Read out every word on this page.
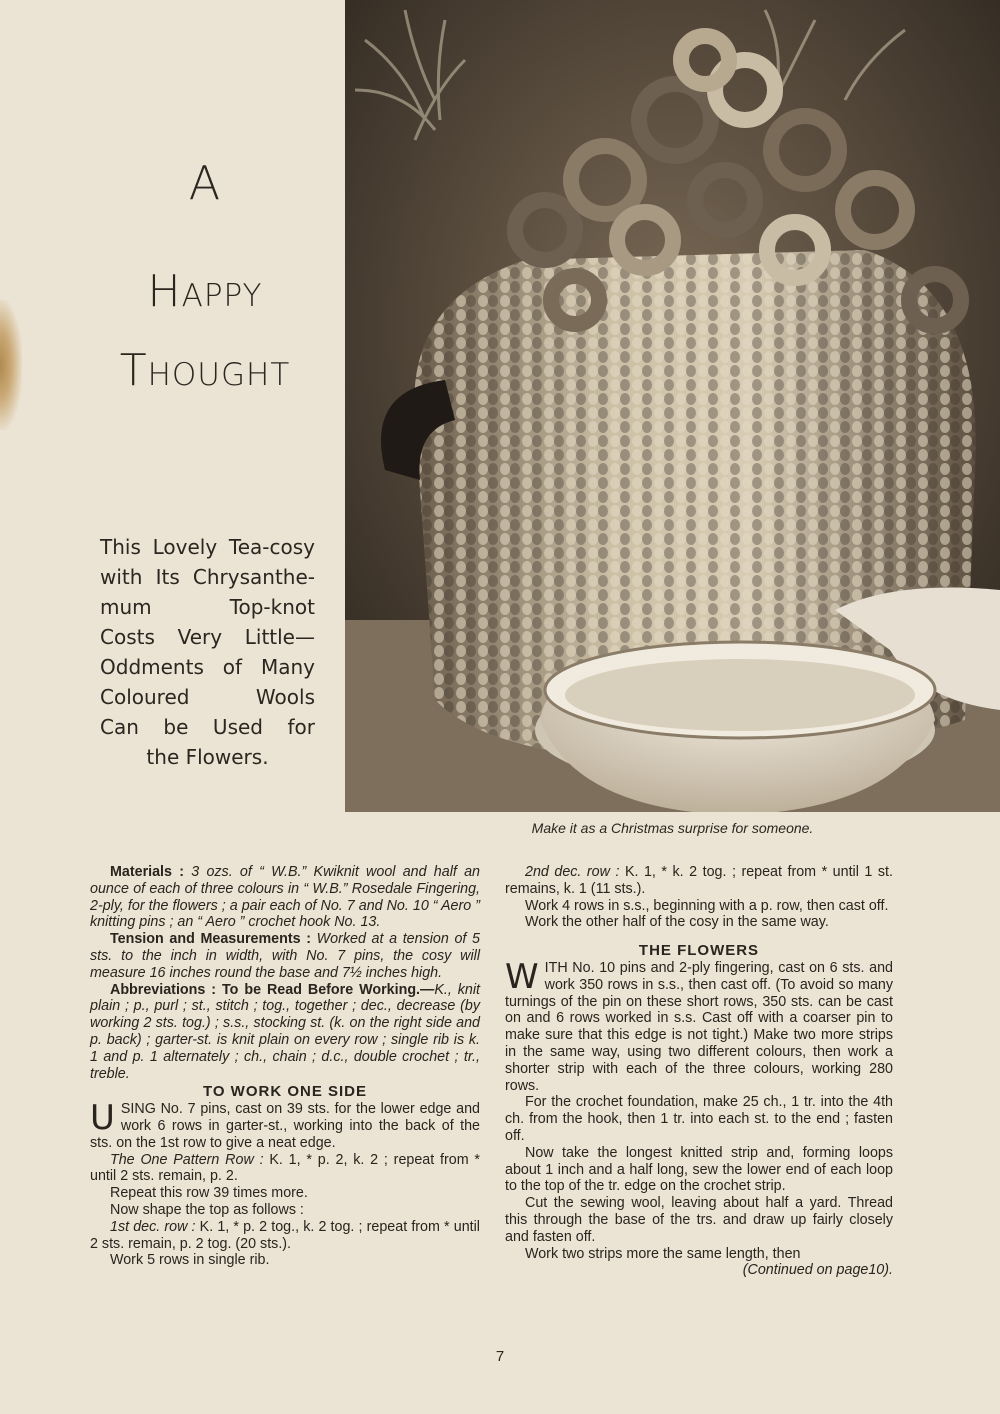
A
Happy
Thought
This Lovely Tea-cosy
with Its Chrysanthe-
mum Top-knot
Costs Very Little—
Oddments of Many
Coloured Wools
Can be Used for
the Flowers.
Make it as a Christmas surprise for someone.

Materials : 3 ozs. of “ W.B.” Kwiknit wool and half an ounce of each of three colours in “ W.B.” Rosedale Fingering, 2-ply, for the flowers ; a pair each of No. 7 and No. 10 “ Aero ” knitting pins ; an “ Aero ” crochet hook No. 13.

Tension and Measurements : Worked at a tension of 5 sts. to the inch in width, with No. 7 pins, the cosy will measure 16 inches round the base and 7½ inches high.

Abbreviations : To be Read Before Working.—K., knit plain ; p., purl ; st., stitch ; tog., together ; dec., decrease (by working 2 sts. tog.) ; s.s., stocking st. (k. on the right side and p. back) ; garter-st. is knit plain on every row ; single rib is k. 1 and p. 1 alternately ; ch., chain ; d.c., double crochet ; tr., treble.

TO WORK ONE SIDE

USING No. 7 pins, cast on 39 sts. for the lower edge and work 6 rows in garter-st., working into the back of the sts. on the 1st row to give a neat edge.

The One Pattern Row : K. 1, * p. 2, k. 2 ; repeat from * until 2 sts. remain, p. 2.

Repeat this row 39 times more.

Now shape the top as follows :

1st dec. row : K. 1, * p. 2 tog., k. 2 tog. ; repeat from * until 2 sts. remain, p. 2 tog. (20 sts.).

Work 5 rows in single rib.

2nd dec. row : K. 1, * k. 2 tog. ; repeat from * until 1 st. remains, k. 1 (11 sts.).

Work 4 rows in s.s., beginning with a p. row, then cast off.

Work the other half of the cosy in the same way.

THE FLOWERS

WITH No. 10 pins and 2-ply fingering, cast on 6 sts. and work 350 rows in s.s., then cast off. (To avoid so many turnings of the pin on these short rows, 350 sts. can be cast on and 6 rows worked in s.s. Cast off with a coarser pin to make sure that this edge is not tight.) Make two more strips in the same way, using two different colours, then work a shorter strip with each of the three colours, working 280 rows.

For the crochet foundation, make 25 ch., 1 tr. into the 4th ch. from the hook, then 1 tr. into each st. to the end ; fasten off.

Now take the longest knitted strip and, forming loops about 1 inch and a half long, sew the lower end of each loop to the top of the tr. edge on the crochet strip.

Cut the sewing wool, leaving about half a yard. Thread this through the base of the trs. and draw up fairly closely and fasten off.

Work two strips more the same length, then

(Continued on page10).

7
